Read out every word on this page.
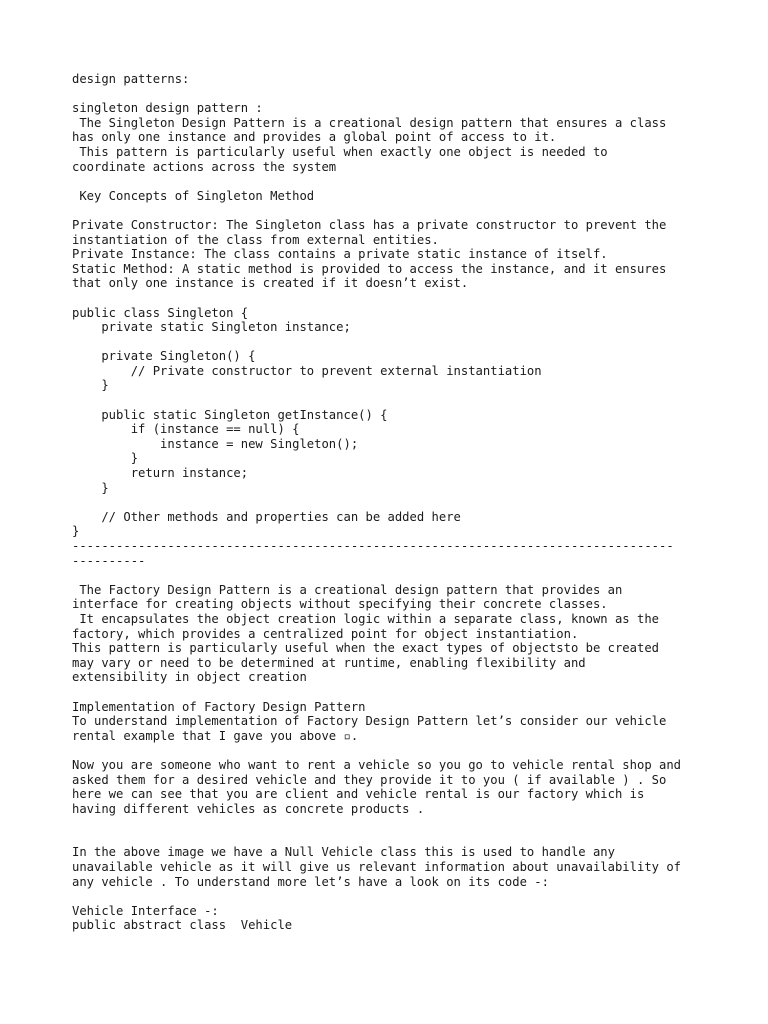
design patterns:
singleton design pattern :
The Singleton Design Pattern is a creational design pattern that ensures a class
has only one instance and provides a global point of access to it.
This pattern is particularly useful when exactly one object is needed to
coordinate actions across the system
Key Concepts of Singleton Method
Private Constructor: The Singleton class has a private constructor to prevent the
instantiation of the class from external entities.
Private Instance: The class contains a private static instance of itself.
Static Method: A static method is provided to access the instance, and it ensures
that only one instance is created if it doesn’t exist.
public class Singleton {
private static Singleton instance;
private Singleton() {
// Private constructor to prevent external instantiation
}
public static Singleton getInstance() {
if (instance == null) {
instance = new Singleton();
}
return instance;
}
// Other methods and properties can be added here
}
----------------------------------------------------------------------------------
----------
The Factory Design Pattern is a creational design pattern that provides an
interface for creating objects without specifying their concrete classes.
It encapsulates the object creation logic within a separate class, known as the
factory, which provides a centralized point for object instantiation.
This pattern is particularly useful when the exact types of objectsto be created
may vary or need to be determined at runtime, enabling flexibility and
extensibility in object creation
Implementation of Factory Design Pattern
To understand implementation of Factory Design Pattern let’s consider our vehicle
rental example that I gave you above ▫.
Now you are someone who want to rent a vehicle so you go to vehicle rental shop and
asked them for a desired vehicle and they provide it to you ( if available ) . So
here we can see that you are client and vehicle rental is our factory which is
having different vehicles as concrete products .
In the above image we have a Null Vehicle class this is used to handle any
unavailable vehicle as it will give us relevant information about unavailability of
any vehicle . To understand more let’s have a look on its code -:
Vehicle Interface -:
public abstract class  Vehicle
